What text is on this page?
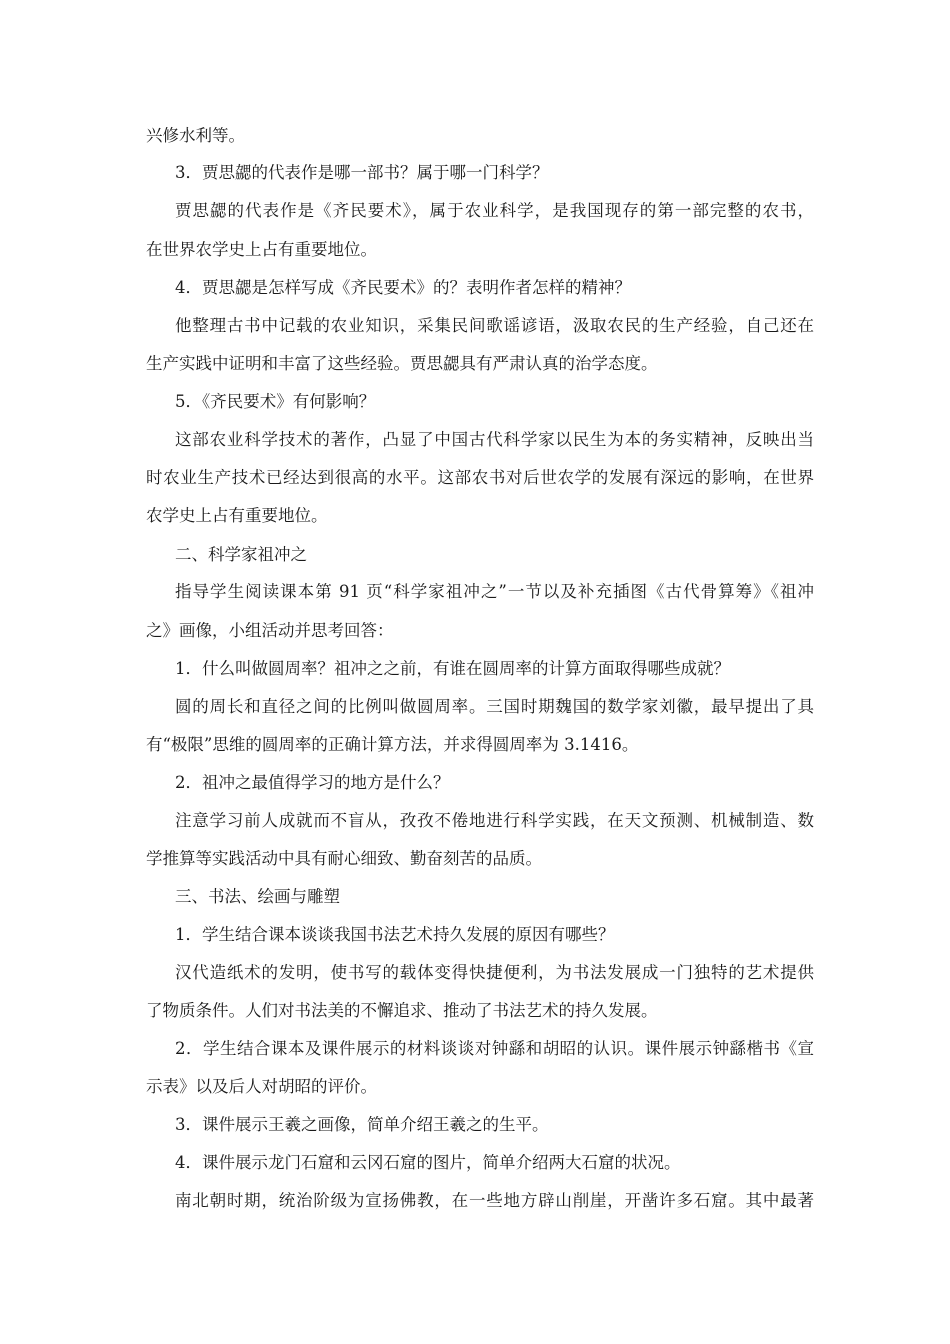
兴修水利等。
3．贾思勰的代表作是哪一部书？属于哪一门科学？
贾思勰的代表作是《齐民要术》，属于农业科学，是我国现存的第一部完整的农书，
在世界农学史上占有重要地位。
4．贾思勰是怎样写成《齐民要术》的？表明作者怎样的精神？
他整理古书中记载的农业知识，采集民间歌谣谚语，汲取农民的生产经验，自己还在
生产实践中证明和丰富了这些经验。贾思勰具有严肃认真的治学态度。
5．《齐民要术》有何影响？
这部农业科学技术的著作，凸显了中国古代科学家以民生为本的务实精神，反映出当
时农业生产技术已经达到很高的水平。这部农书对后世农学的发展有深远的影响，在世界
农学史上占有重要地位。
二、科学家祖冲之
指导学生阅读课本第 91 页“科学家祖冲之”一节以及补充插图《古代骨算筹》《祖冲
之》画像，小组活动并思考回答：
1．什么叫做圆周率？祖冲之之前，有谁在圆周率的计算方面取得哪些成就？
圆的周长和直径之间的比例叫做圆周率。三国时期魏国的数学家刘徽，最早提出了具
有“极限”思维的圆周率的正确计算方法，并求得圆周率为 3.1416。
2．祖冲之最值得学习的地方是什么？
注意学习前人成就而不盲从，孜孜不倦地进行科学实践，在天文预测、机械制造、数
学推算等实践活动中具有耐心细致、勤奋刻苦的品质。
三、书法、绘画与雕塑
1．学生结合课本谈谈我国书法艺术持久发展的原因有哪些？
汉代造纸术的发明，使书写的载体变得快捷便利，为书法发展成一门独特的艺术提供
了物质条件。人们对书法美的不懈追求、推动了书法艺术的持久发展。
2．学生结合课本及课件展示的材料谈谈对钟繇和胡昭的认识。课件展示钟繇楷书《宣
示表》以及后人对胡昭的评价。
3．课件展示王羲之画像，简单介绍王羲之的生平。
4．课件展示龙门石窟和云冈石窟的图片，简单介绍两大石窟的状况。
南北朝时期，统治阶级为宣扬佛教，在一些地方辟山削崖，开凿许多石窟。其中最著
